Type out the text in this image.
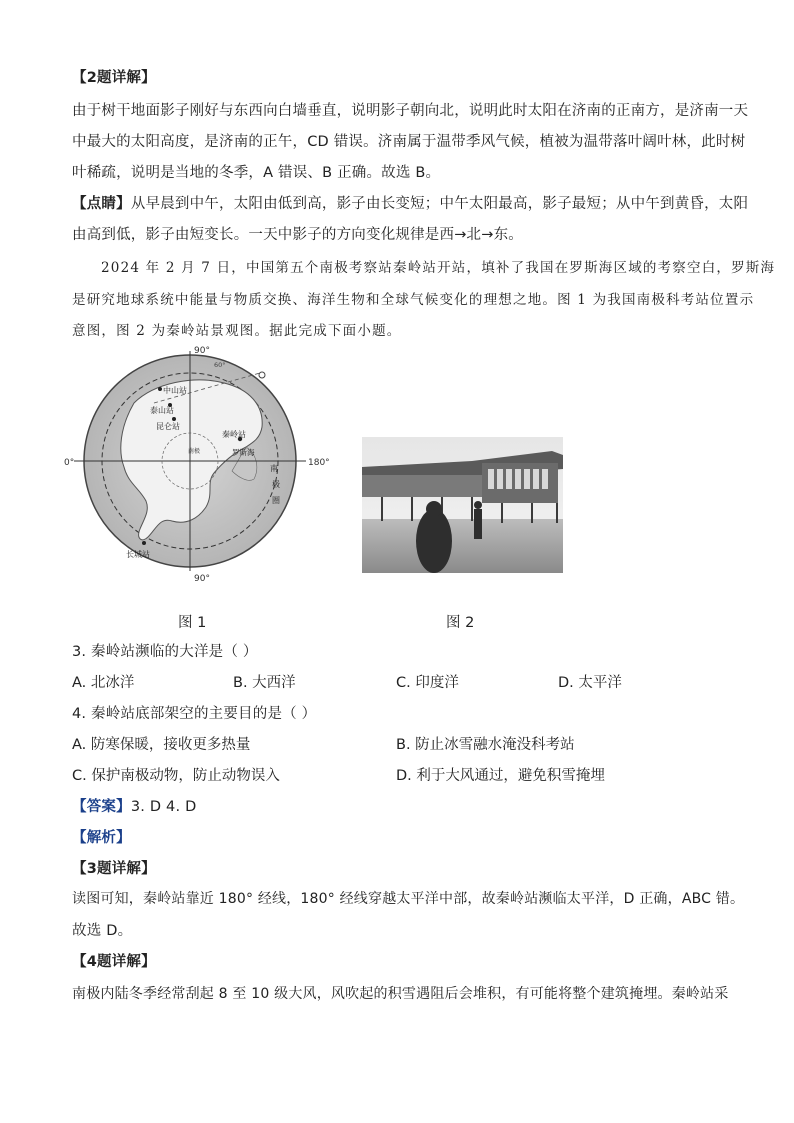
【2题详解】
由于树干地面影子刚好与东西向白墙垂直，说明影子朝向北，说明此时太阳在济南的正南方，是济南一天
中最大的太阳高度，是济南的正午，CD 错误。济南属于温带季风气候，植被为温带落叶阔叶林，此时树
叶稀疏，说明是当地的冬季，A 错误、B 正确。故选 B。
【点睛】从早晨到中午，太阳由低到高，影子由长变短；中午太阳最高，影子最短；从中午到黄昏，太阳
由高到低，影子由短变长。一天中影子的方向变化规律是西→北→东。
2024 年 2 月 7 日，中国第五个南极考察站秦岭站开站，填补了我国在罗斯海区域的考察空白，罗斯海
是研究地球系统中能量与物质交换、海洋生物和全球气候变化的理想之地。图 1 为我国南极科考站位置示
意图，图 2 为秦岭站景观图。据此完成下面小题。
90°
90°
0°	180°
中山站
泰山站
昆仑站
秦岭站
罗斯海
长城站
南极
60°
南
极
圈
图 1	图 2
3. 秦岭站濒临的大洋是（ ）
A. 北冰洋	B. 大西洋	C. 印度洋	D. 太平洋
4. 秦岭站底部架空的主要目的是（ ）
A. 防寒保暖，接收更多热量	B. 防止冰雪融水淹没科考站
C. 保护南极动物，防止动物误入	D. 利于大风通过，避免积雪掩埋
【答案】3. D 4. D
【解析】
【3题详解】
读图可知，秦岭站靠近 180° 经线，180° 经线穿越太平洋中部，故秦岭站濒临太平洋，D 正确，ABC 错。
故选 D。
【4题详解】
南极内陆冬季经常刮起 8 至 10 级大风，风吹起的积雪遇阻后会堆积，有可能将整个建筑掩埋。秦岭站采
